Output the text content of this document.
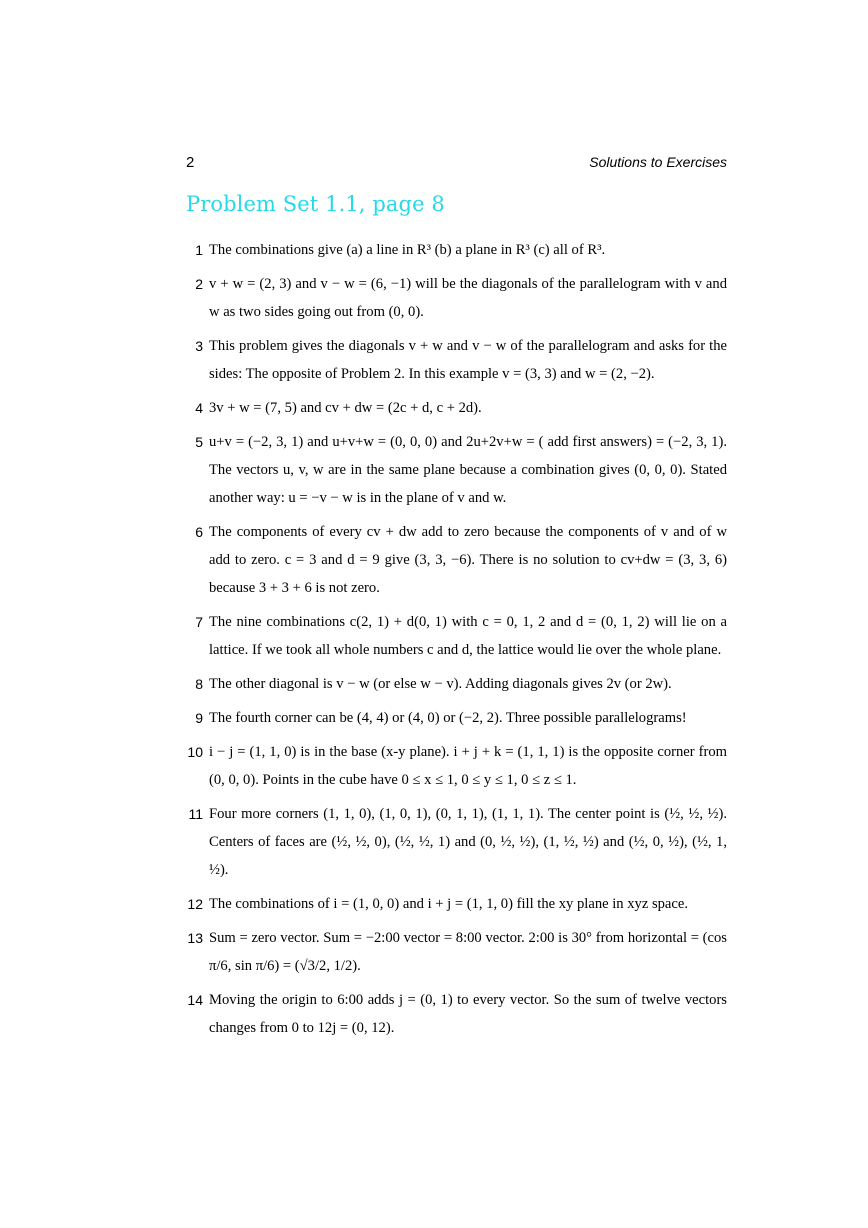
2	Solutions to Exercises
Problem Set 1.1, page 8
1 The combinations give (a) a line in R³ (b) a plane in R³ (c) all of R³.
2 v + w = (2, 3) and v − w = (6, −1) will be the diagonals of the parallelogram with v and w as two sides going out from (0, 0).
3 This problem gives the diagonals v + w and v − w of the parallelogram and asks for the sides: The opposite of Problem 2. In this example v = (3, 3) and w = (2, −2).
4 3v + w = (7, 5) and cv + dw = (2c + d, c + 2d).
5 u+v = (−2, 3, 1) and u+v+w = (0, 0, 0) and 2u+2v+w = ( add first answers) = (−2, 3, 1). The vectors u, v, w are in the same plane because a combination gives (0, 0, 0). Stated another way: u = −v − w is in the plane of v and w.
6 The components of every cv + dw add to zero because the components of v and of w add to zero. c = 3 and d = 9 give (3, 3, −6). There is no solution to cv+dw = (3, 3, 6) because 3 + 3 + 6 is not zero.
7 The nine combinations c(2, 1) + d(0, 1) with c = 0, 1, 2 and d = (0, 1, 2) will lie on a lattice. If we took all whole numbers c and d, the lattice would lie over the whole plane.
8 The other diagonal is v − w (or else w − v). Adding diagonals gives 2v (or 2w).
9 The fourth corner can be (4, 4) or (4, 0) or (−2, 2). Three possible parallelograms!
10 i − j = (1, 1, 0) is in the base (x-y plane). i + j + k = (1, 1, 1) is the opposite corner from (0, 0, 0). Points in the cube have 0 ≤ x ≤ 1, 0 ≤ y ≤ 1, 0 ≤ z ≤ 1.
11 Four more corners (1, 1, 0), (1, 0, 1), (0, 1, 1), (1, 1, 1). The center point is (½, ½, ½). Centers of faces are (½, ½, 0), (½, ½, 1) and (0, ½, ½), (1, ½, ½) and (½, 0, ½), (½, 1, ½).
12 The combinations of i = (1, 0, 0) and i + j = (1, 1, 0) fill the xy plane in xyz space.
13 Sum = zero vector. Sum = −2:00 vector = 8:00 vector. 2:00 is 30° from horizontal = (cos π/6, sin π/6) = (√3/2, 1/2).
14 Moving the origin to 6:00 adds j = (0, 1) to every vector. So the sum of twelve vectors changes from 0 to 12j = (0, 12).
